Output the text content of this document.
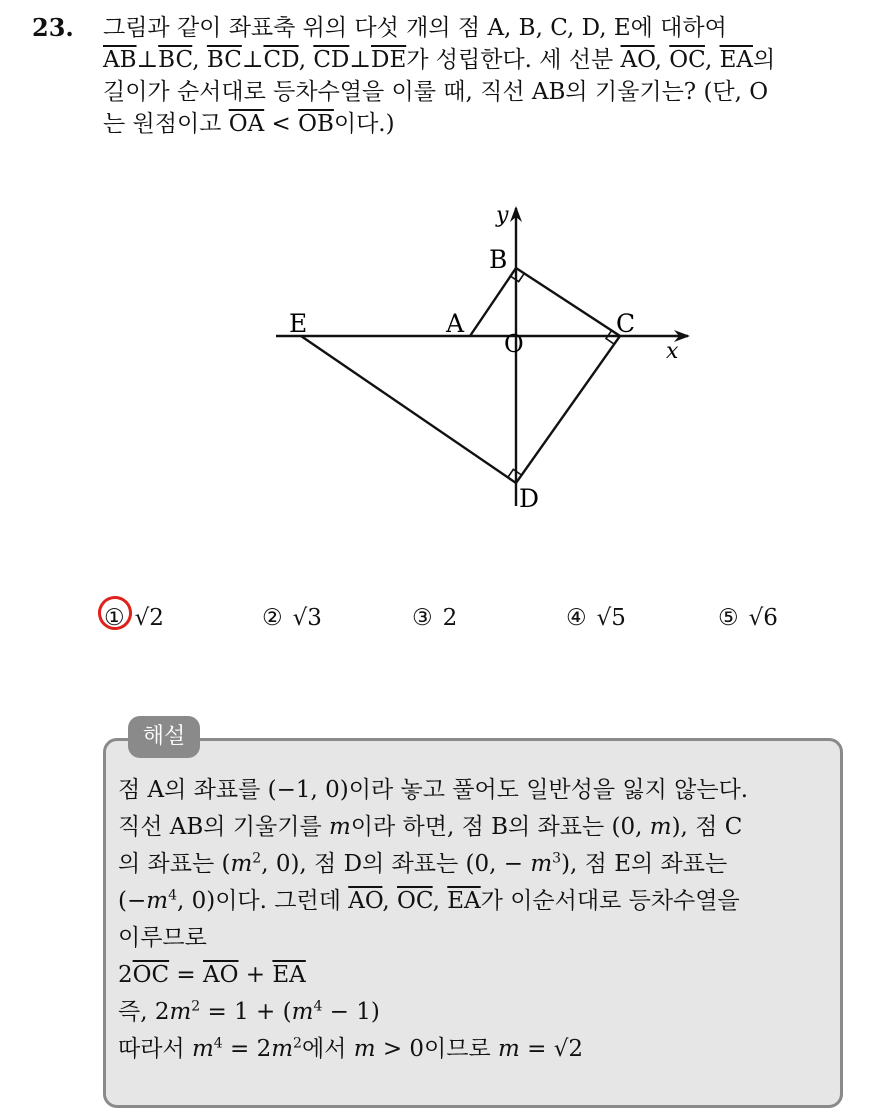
23. 그림과 같이 좌표축 위의 다섯 개의 점 A, B, C, D, E에 대하여
$\overline{AB}\perp\overline{BC}$, $\overline{BC}\perp\overline{CD}$, $\overline{CD}\perp\overline{DE}$가 성립한다. 세 선분 $\overline{AO}$, $\overline{OC}$, $\overline{EA}$의
길이가 순서대로 등차수열을 이룰 때, 직선 AB의 기울기는? (단, O
는 원점이고 $\overline{OA} < \overline{OB}$이다.)
E	A
B
C
D
O	x
y
① √2	② √3	③ 2	④ √5	⑤ √6
해설
점 A의 좌표를 (−1, 0)이라 놓고 풀어도 일반성을 잃지 않는다.
직선 AB의 기울기를 m이라 하면, 점 B의 좌표는 (0, m), 점 C
의 좌표는 ($m^2$, 0), 점 D의 좌표는 (0, − $m^3$), 점 E의 좌표는
($-m^4$, 0)이다. 그런데 $\overline{AO}$, $\overline{OC}$, $\overline{EA}$가 이순서대로 등차수열을
이루므로
$2\overline{OC} = \overline{AO} + \overline{EA}$
즉, $2m^2 = 1 + (m^4 - 1)$
따라서 $m^4 = 2m^2$에서 m > 0이므로 m = √2
